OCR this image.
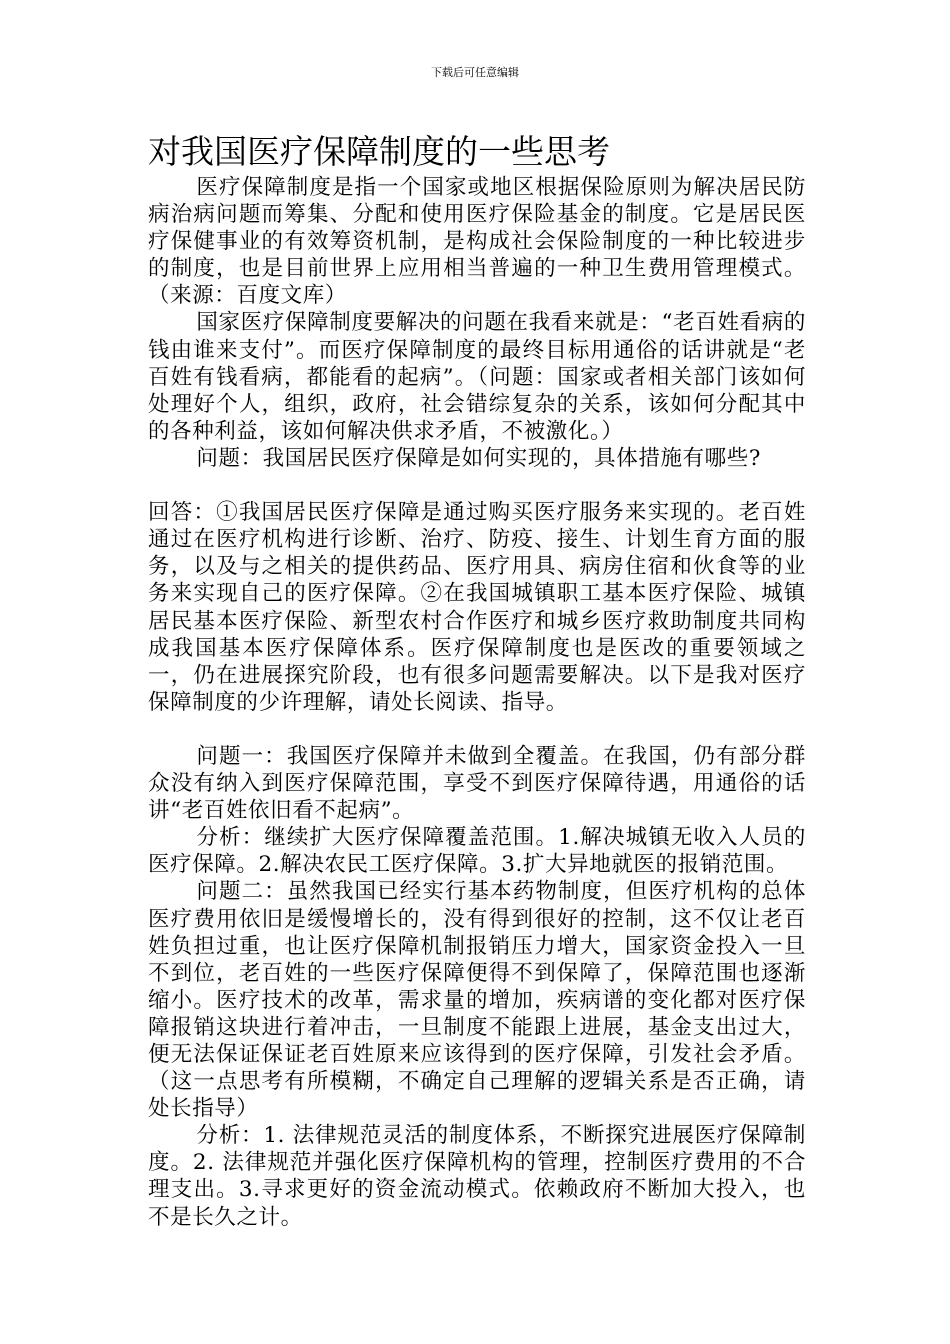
下载后可任意编辑
对我国医疗保障制度的一些思考

医疗保障制度是指一个国家或地区根据保险原则为解决居民防病治病问题而筹集、分配和使用医疗保险基金的制度。它是居民医疗保健事业的有效筹资机制，是构成社会保险制度的一种比较进步的制度，也是目前世界上应用相当普遍的一种卫生费用管理模式。（来源：百度文库）

国家医疗保障制度要解决的问题在我看来就是：“老百姓看病的钱由谁来支付”。而医疗保障制度的最终目标用通俗的话讲就是“老百姓有钱看病，都能看的起病”。（问题：国家或者相关部门该如何处理好个人，组织，政府，社会错综复杂的关系，该如何分配其中的各种利益，该如何解决供求矛盾，不被激化。）

问题：我国居民医疗保障是如何实现的，具体措施有哪些?

回答：①我国居民医疗保障是通过购买医疗服务来实现的。老百姓通过在医疗机构进行诊断、治疗、防疫、接生、计划生育方面的服务，以及与之相关的提供药品、医疗用具、病房住宿和伙食等的业务来实现自己的医疗保障。②在我国城镇职工基本医疗保险、城镇居民基本医疗保险、新型农村合作医疗和城乡医疗救助制度共同构成我国基本医疗保障体系。医疗保障制度也是医改的重要领域之一，仍在进展探究阶段，也有很多问题需要解决。以下是我对医疗保障制度的少许理解，请处长阅读、指导。

问题一：我国医疗保障并未做到全覆盖。在我国，仍有部分群众没有纳入到医疗保障范围，享受不到医疗保障待遇，用通俗的话讲“老百姓依旧看不起病”。

分析：继续扩大医疗保障覆盖范围。1.解决城镇无收入人员的医疗保障。2.解决农民工医疗保障。3.扩大异地就医的报销范围。

问题二：虽然我国已经实行基本药物制度，但医疗机构的总体医疗费用依旧是缓慢增长的，没有得到很好的控制，这不仅让老百姓负担过重，也让医疗保障机制报销压力增大，国家资金投入一旦不到位，老百姓的一些医疗保障便得不到保障了，保障范围也逐渐缩小。医疗技术的改革，需求量的增加，疾病谱的变化都对医疗保障报销这块进行着冲击，一旦制度不能跟上进展，基金支出过大，便无法保证保证老百姓原来应该得到的医疗保障，引发社会矛盾。（这一点思考有所模糊，不确定自己理解的逻辑关系是否正确，请处长指导）

分析：1. 法律规范灵活的制度体系，不断探究进展医疗保障制度。2. 法律规范并强化医疗保障机构的管理，控制医疗费用的不合理支出。3.寻求更好的资金流动模式。依赖政府不断加大投入，也不是长久之计。
